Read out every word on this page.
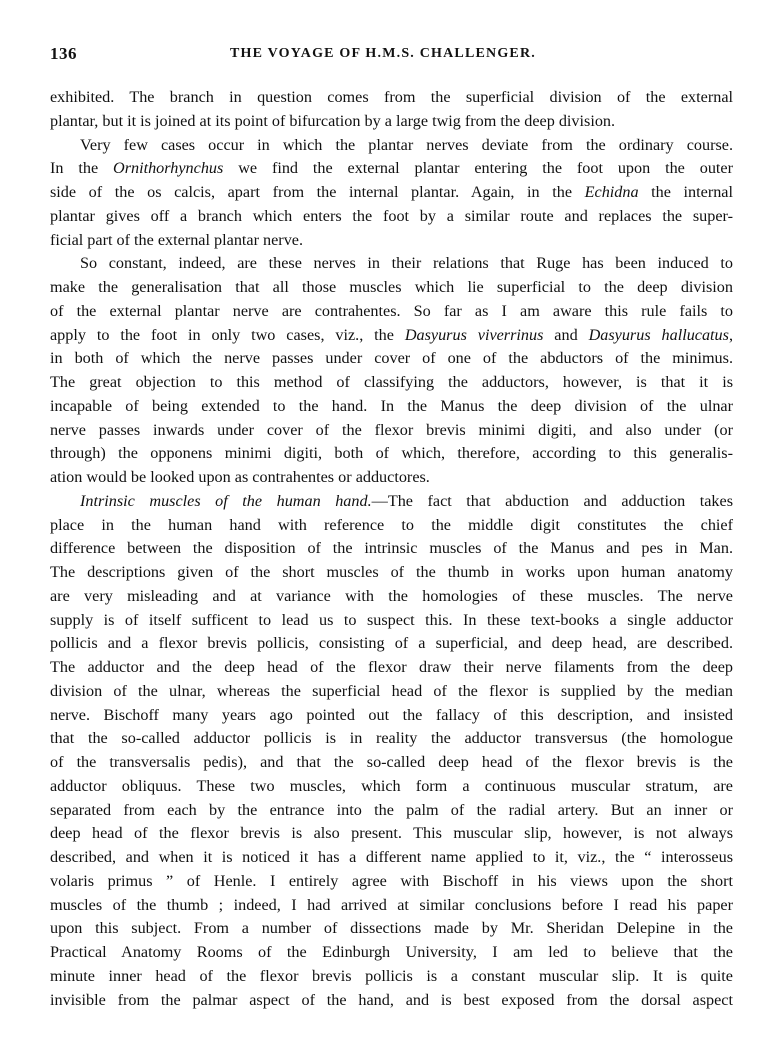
136	THE VOYAGE OF H.M.S. CHALLENGER.
exhibited. The branch in question comes from the superficial division of the external
plantar, but it is joined at its point of bifurcation by a large twig from the deep division.
Very few cases occur in which the plantar nerves deviate from the ordinary course.
In the Ornithorhynchus we find the external plantar entering the foot upon the outer
side of the os calcis, apart from the internal plantar. Again, in the Echidna the internal
plantar gives off a branch which enters the foot by a similar route and replaces the super-
ficial part of the external plantar nerve.
So constant, indeed, are these nerves in their relations that Ruge has been induced to
make the generalisation that all those muscles which lie superficial to the deep division
of the external plantar nerve are contrahentes. So far as I am aware this rule fails to
apply to the foot in only two cases, viz., the Dasyurus viverrinus and Dasyurus hallucatus,
in both of which the nerve passes under cover of one of the abductors of the minimus.
The great objection to this method of classifying the adductors, however, is that it is
incapable of being extended to the hand. In the Manus the deep division of the ulnar
nerve passes inwards under cover of the flexor brevis minimi digiti, and also under (or
through) the opponens minimi digiti, both of which, therefore, according to this generalis-
ation would be looked upon as contrahentes or adductores.
Intrinsic muscles of the human hand.—The fact that abduction and adduction takes
place in the human hand with reference to the middle digit constitutes the chief
difference between the disposition of the intrinsic muscles of the Manus and pes in Man.
The descriptions given of the short muscles of the thumb in works upon human anatomy
are very misleading and at variance with the homologies of these muscles. The nerve
supply is of itself sufficent to lead us to suspect this. In these text-books a single adductor
pollicis and a flexor brevis pollicis, consisting of a superficial, and deep head, are described.
The adductor and the deep head of the flexor draw their nerve filaments from the deep
division of the ulnar, whereas the superficial head of the flexor is supplied by the median
nerve. Bischoff many years ago pointed out the fallacy of this description, and insisted
that the so-called adductor pollicis is in reality the adductor transversus (the homologue
of the transversalis pedis), and that the so-called deep head of the flexor brevis is the
adductor obliquus. These two muscles, which form a continuous muscular stratum, are
separated from each by the entrance into the palm of the radial artery. But an inner or
deep head of the flexor brevis is also present. This muscular slip, however, is not always
described, and when it is noticed it has a different name applied to it, viz., the “ interosseus
volaris primus ” of Henle. I entirely agree with Bischoff in his views upon the short
muscles of the thumb ; indeed, I had arrived at similar conclusions before I read his paper
upon this subject. From a number of dissections made by Mr. Sheridan Delepine in the
Practical Anatomy Rooms of the Edinburgh University, I am led to believe that the
minute inner head of the flexor brevis pollicis is a constant muscular slip. It is quite
invisible from the palmar aspect of the hand, and is best exposed from the dorsal aspect
